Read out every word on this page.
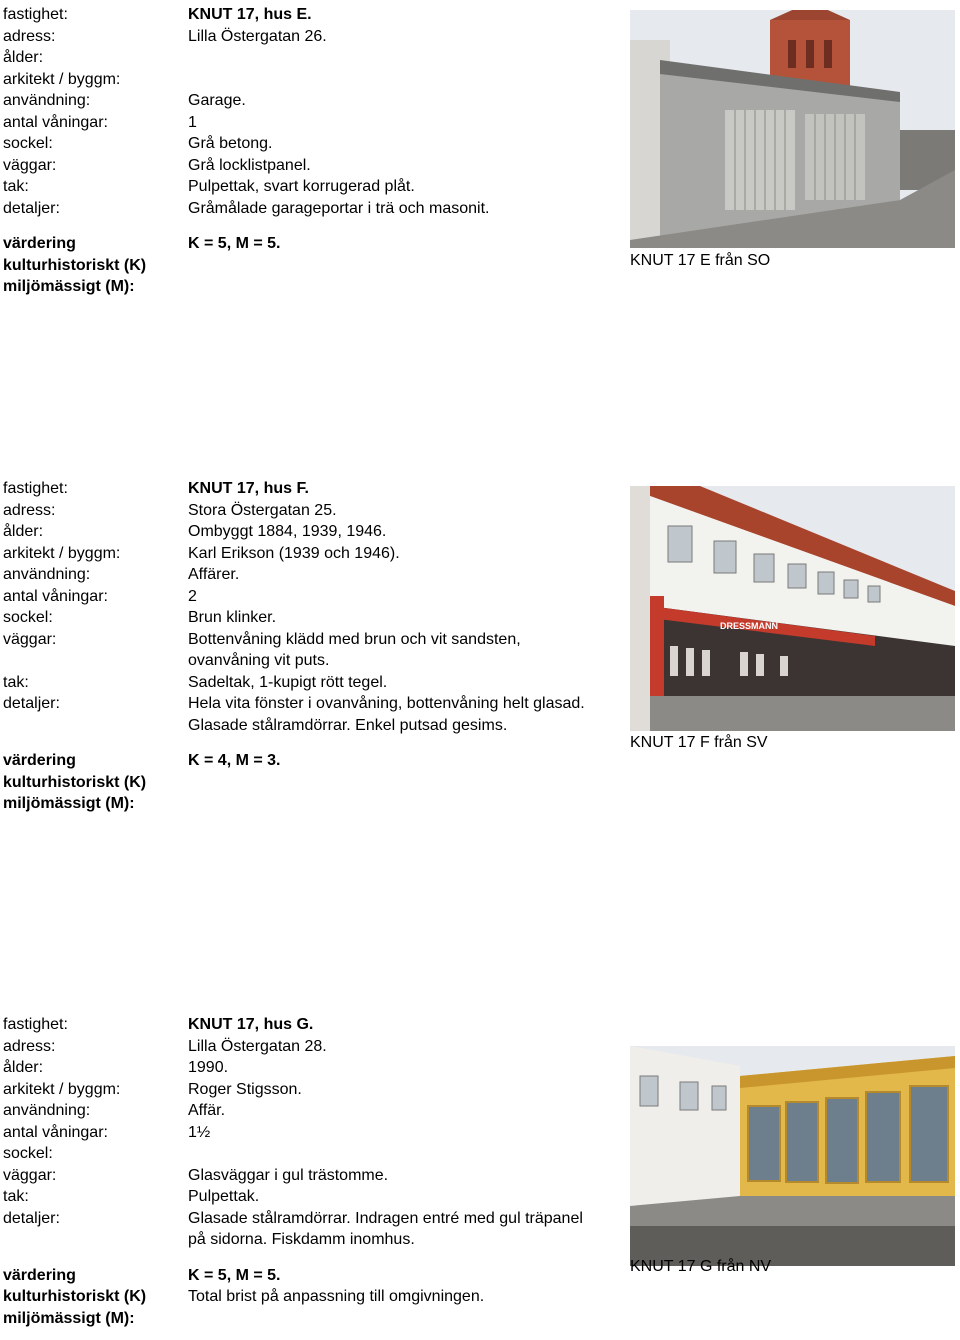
fastighet:	KNUT 17, hus E.
adress:	Lilla Östergatan 26.
ålder:
arkitekt / byggm:
användning:	Garage.
antal våningar:	1
sockel:	Grå betong.
väggar:	Grå locklistpanel.
tak:	Pulpettak, svart korrugerad plåt.
detaljer:	Gråmålade garageportar i trä och masonit.
värdering	K = 5, M = 5.
kulturhistoriskt (K)
miljömässigt (M):
KNUT 17 E från SO
fastighet:	KNUT 17, hus F.
adress:	Stora Östergatan 25.
ålder:	Ombyggt 1884, 1939, 1946.
arkitekt / byggm:	Karl Erikson (1939 och 1946).
användning:	Affärer.
antal våningar:	2
sockel:	Brun klinker.
väggar:	Bottenvåning klädd med brun och vit sandsten, ovanvåning vit puts.
tak:	Sadeltak, 1-kupigt rött tegel.
detaljer:	Hela vita fönster i ovanvåning, bottenvåning helt glasad. Glasade stålramdörrar. Enkel putsad gesims.
värdering	K = 4, M = 3.
kulturhistoriskt (K)
miljömässigt (M):
DRESSMANN
KNUT 17 F från SV
fastighet:	KNUT 17, hus G.
adress:	Lilla Östergatan 28.
ålder:	1990.
arkitekt / byggm:	Roger Stigsson.
användning:	Affär.
antal våningar:	1½
sockel:
väggar:	Glasväggar i gul trästomme.
tak:	Pulpettak.
detaljer:	Glasade stålramdörrar. Indragen entré med gul träpanel på sidorna. Fiskdamm inomhus.
värdering	K = 5, M = 5.
kulturhistoriskt (K)	Total brist på anpassning till omgivningen.
miljömässigt (M):
KNUT 17 G från NV
